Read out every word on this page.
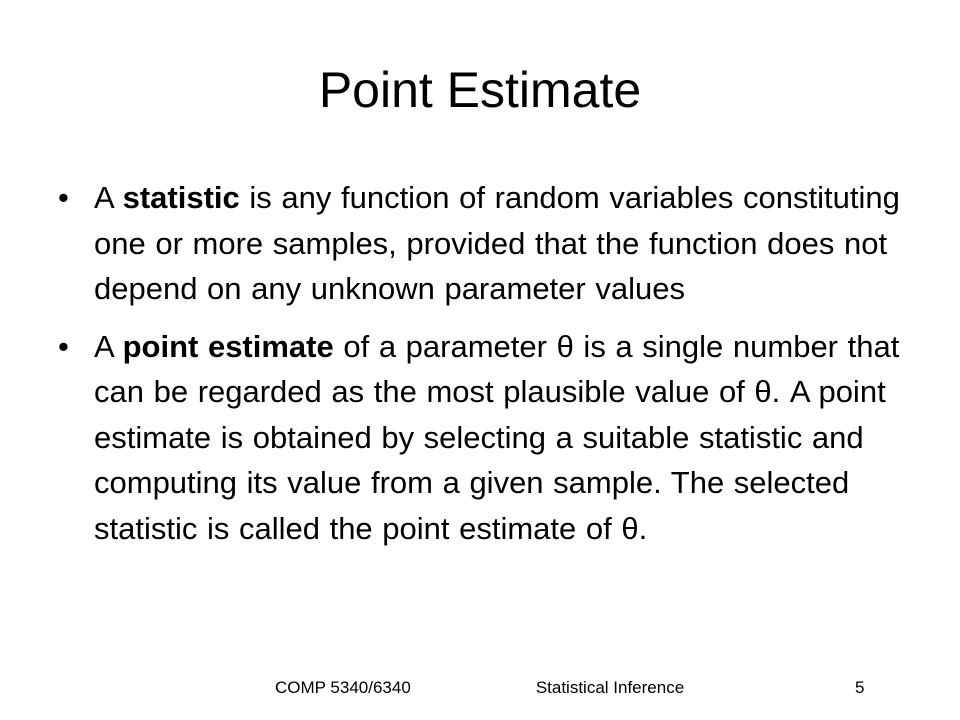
Point Estimate
• A statistic is any function of random variables constituting one or more samples, provided that the function does not depend on any unknown parameter values
• A point estimate of a parameter θ is a single number that can be regarded as the most plausible value of θ. A point estimate is obtained by selecting a suitable statistic and computing its value from a given sample. The selected statistic is called the point estimate of θ.
COMP 5340/6340	Statistical Inference	5
